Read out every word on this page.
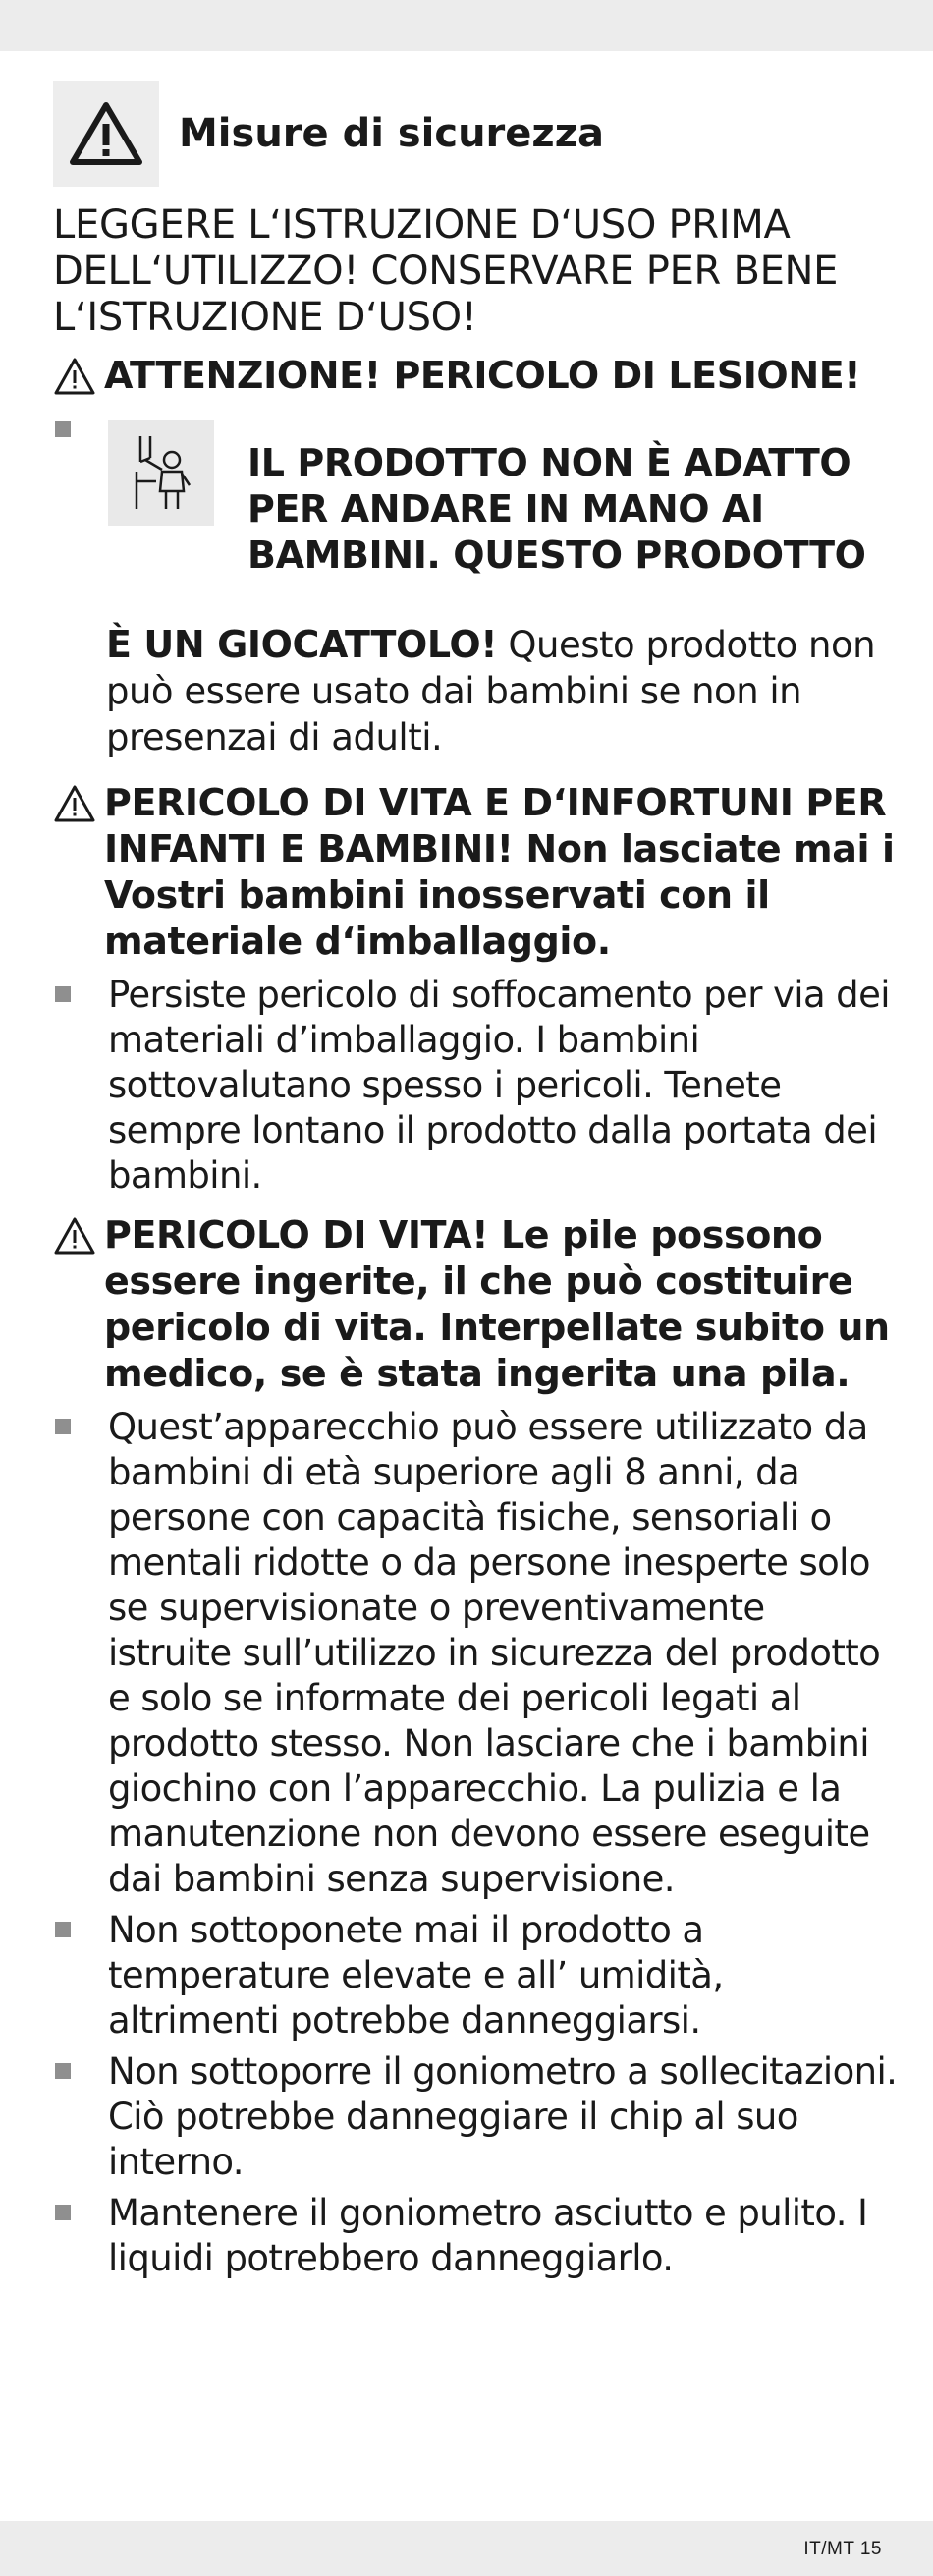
Misure di sicurezza

LEGGERE L‘ISTRUZIONE D‘USO PRIMA DELL‘UTILIZZO! CONSERVARE PER BENE L‘ISTRUZIONE D‘USO!

ATTENZIONE! PERICOLO DI LESIONE!
IL PRODOTTO NON È ADATTO PER ANDARE IN MANO AI BAMBINI. QUESTO PRODOTTO
È UN GIOCATTOLO! Questo prodotto non può essere usato dai bambini se non in presenzai di adulti.
PERICOLO DI VITA E D‘INFORTUNI PER INFANTI E BAMBINI! Non lasciate mai i Vostri bambini inosservati con il materiale d‘imballaggio.
Persiste pericolo di soffocamento per via dei materiali d’imballaggio. I bambini sottovalutano spesso i pericoli. Tenete sempre lontano il prodotto dalla portata dei bambini.
PERICOLO DI VITA! Le pile possono essere ingerite, il che può costituire pericolo di vita. Interpellate subito un medico, se è stata ingerita una pila.
Quest’apparecchio può essere utilizzato da bambini di età superiore agli 8 anni, da persone con capacità fisiche, sensoriali o mentali ridotte o da persone inesperte solo se supervisionate o preventivamente istruite sull’utilizzo in sicurezza del prodotto e solo se informate dei pericoli legati al prodotto stesso. Non lasciare che i bambini giochino con l’apparecchio. La pulizia e la manutenzione non devono essere eseguite dai bambini senza supervisione.
Non sottoponete mai il prodotto a temperature elevate e all’ umidità, altrimenti potrebbe danneggiarsi.
Non sottoporre il goniometro a sollecitazioni. Ciò potrebbe danneggiare il chip al suo interno.
Mantenere il goniometro asciutto e pulito. I liquidi potrebbero danneggiarlo.
IT/MT 15
